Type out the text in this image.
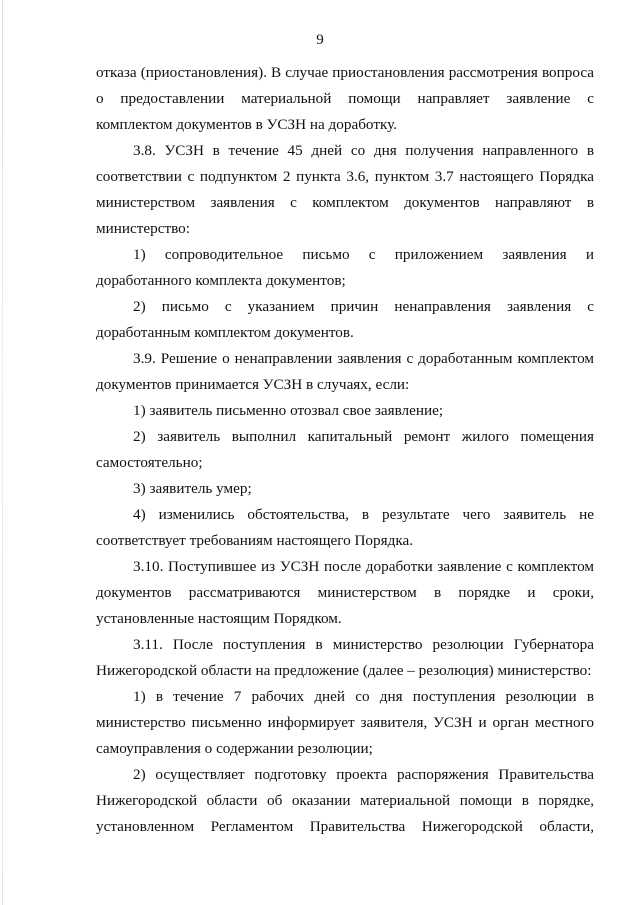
9

отказа (приостановления). В случае приостановления рассмотрения вопроса о предоставлении материальной помощи направляет заявление с комплектом документов в УСЗН на доработку.

3.8. УСЗН в течение 45 дней со дня получения направленного в соответствии с подпунктом 2 пункта 3.6, пунктом 3.7 настоящего Порядка министерством заявления с комплектом документов направляют в министерство:

1) сопроводительное письмо с приложением заявления и доработанного комплекта документов;

2) письмо с указанием причин ненаправления заявления с доработанным комплектом документов.

3.9. Решение о ненаправлении заявления с доработанным комплектом документов принимается УСЗН в случаях, если:

1) заявитель письменно отозвал свое заявление;

2) заявитель выполнил капитальный ремонт жилого помещения самостоятельно;

3) заявитель умер;

4) изменились обстоятельства, в результате чего заявитель не соответствует требованиям настоящего Порядка.

3.10. Поступившее из УСЗН после доработки заявление с комплектом документов рассматриваются министерством в порядке и сроки, установленные настоящим Порядком.

3.11. После поступления в министерство резолюции Губернатора Нижегородской области на предложение (далее – резолюция) министерство:

1) в течение 7 рабочих дней со дня поступления резолюции в министерство письменно информирует заявителя, УСЗН и орган местного самоуправления о содержании резолюции;

2) осуществляет подготовку проекта распоряжения Правительства Нижегородской области об оказании материальной помощи в порядке, установленном Регламентом Правительства Нижегородской области,
